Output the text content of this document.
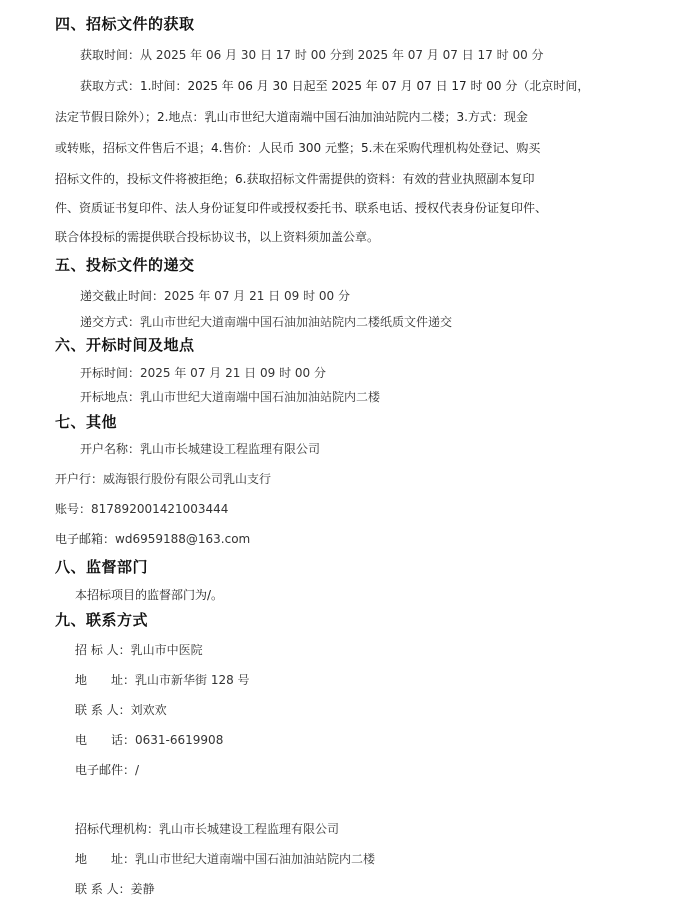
四、招标文件的获取
获取时间：从 2025 年 06 月 30 日 17 时 00 分到 2025 年 07 月 07 日 17 时 00 分
获取方式：1.时间：2025 年 06 月 30 日起至 2025 年 07 月 07 日 17 时 00 分（北京时间，
法定节假日除外）；2.地点：乳山市世纪大道南端中国石油加油站院内二楼；3.方式：现金
或转账，招标文件售后不退；4.售价：人民币 300 元整；5.未在采购代理机构处登记、购买
招标文件的，投标文件将被拒绝；6.获取招标文件需提供的资料：有效的营业执照副本复印
件、资质证书复印件、法人身份证复印件或授权委托书、联系电话、授权代表身份证复印件、
联合体投标的需提供联合投标协议书，以上资料须加盖公章。
五、投标文件的递交
递交截止时间：2025 年 07 月 21 日 09 时 00 分
递交方式：乳山市世纪大道南端中国石油加油站院内二楼纸质文件递交
六、开标时间及地点
开标时间：2025 年 07 月 21 日 09 时 00 分
开标地点：乳山市世纪大道南端中国石油加油站院内二楼
七、其他
开户名称：乳山市长城建设工程监理有限公司
开户行：威海银行股份有限公司乳山支行
账号：817892001421003444
电子邮箱：wd6959188@163.com
八、监督部门
本招标项目的监督部门为/。
九、联系方式
招 标 人：乳山市中医院
地　　址：乳山市新华街 128 号
联 系 人：刘欢欢
电　　话：0631-6619908
电子邮件：/
招标代理机构：乳山市长城建设工程监理有限公司
地　　址：乳山市世纪大道南端中国石油加油站院内二楼
联 系 人：姜静
